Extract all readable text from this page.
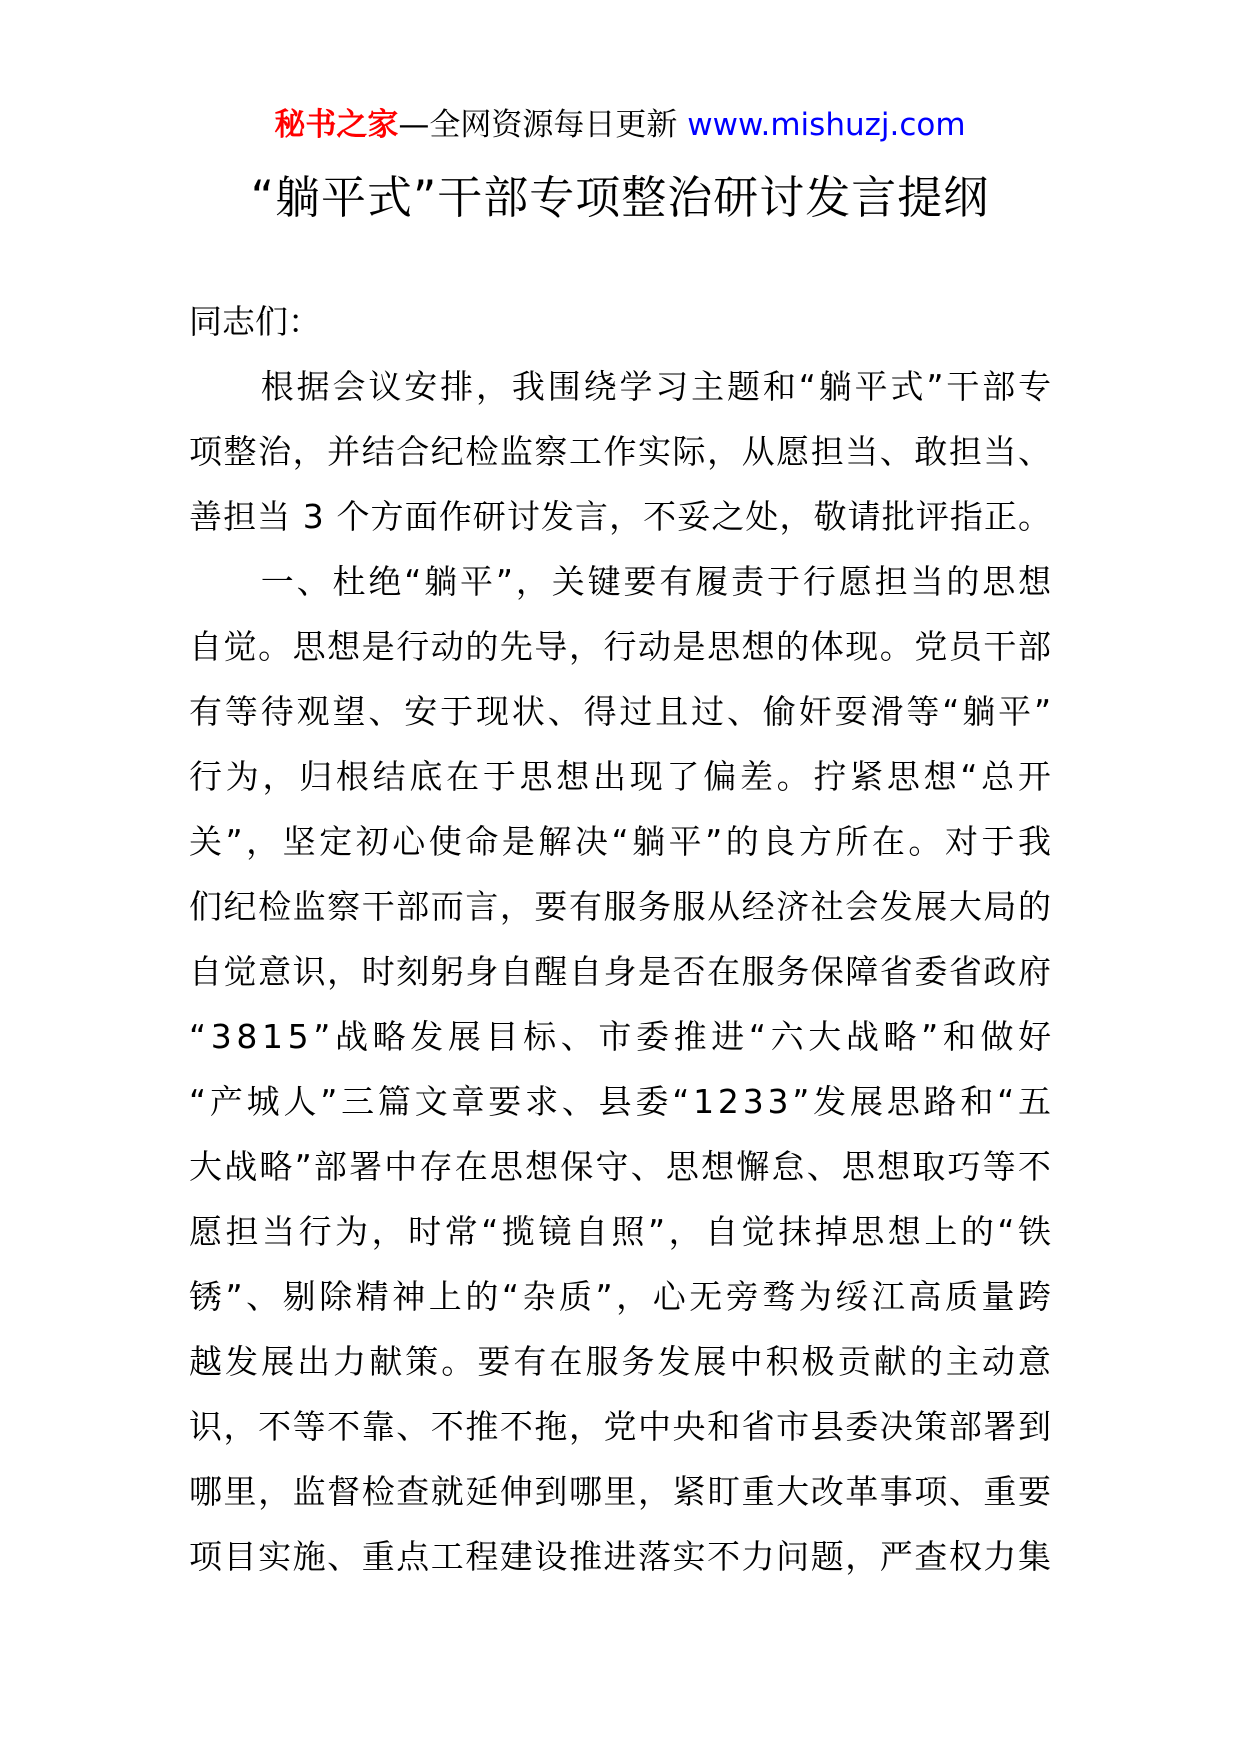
秘书之家—全网资源每日更新 www.mishuzj.com
“躺平式”干部专项整治研讨发言提纲
同志们：
　　根据会议安排，我围绕学习主题和“躺平式”干部专
项整治，并结合纪检监察工作实际，从愿担当、敢担当、
善担当 3 个方面作研讨发言，不妥之处，敬请批评指正。
　　一、杜绝“躺平”，关键要有履责于行愿担当的思想
自觉。思想是行动的先导，行动是思想的体现。党员干部
有等待观望、安于现状、得过且过、偷奸耍滑等“躺平”
行为，归根结底在于思想出现了偏差。拧紧思想“总开
关”，坚定初心使命是解决“躺平”的良方所在。对于我
们纪检监察干部而言，要有服务服从经济社会发展大局的
自觉意识，时刻躬身自醒自身是否在服务保障省委省政府
“3815”战略发展目标、市委推进“六大战略”和做好
“产城人”三篇文章要求、县委“1233”发展思路和“五
大战略”部署中存在思想保守、思想懈怠、思想取巧等不
愿担当行为，时常“揽镜自照”，自觉抹掉思想上的“铁
锈”、剔除精神上的“杂质”，心无旁骛为绥江高质量跨
越发展出力献策。要有在服务发展中积极贡献的主动意
识，不等不靠、不推不拖，党中央和省市县委决策部署到
哪里，监督检查就延伸到哪里，紧盯重大改革事项、重要
项目实施、重点工程建设推进落实不力问题，严查权力集
